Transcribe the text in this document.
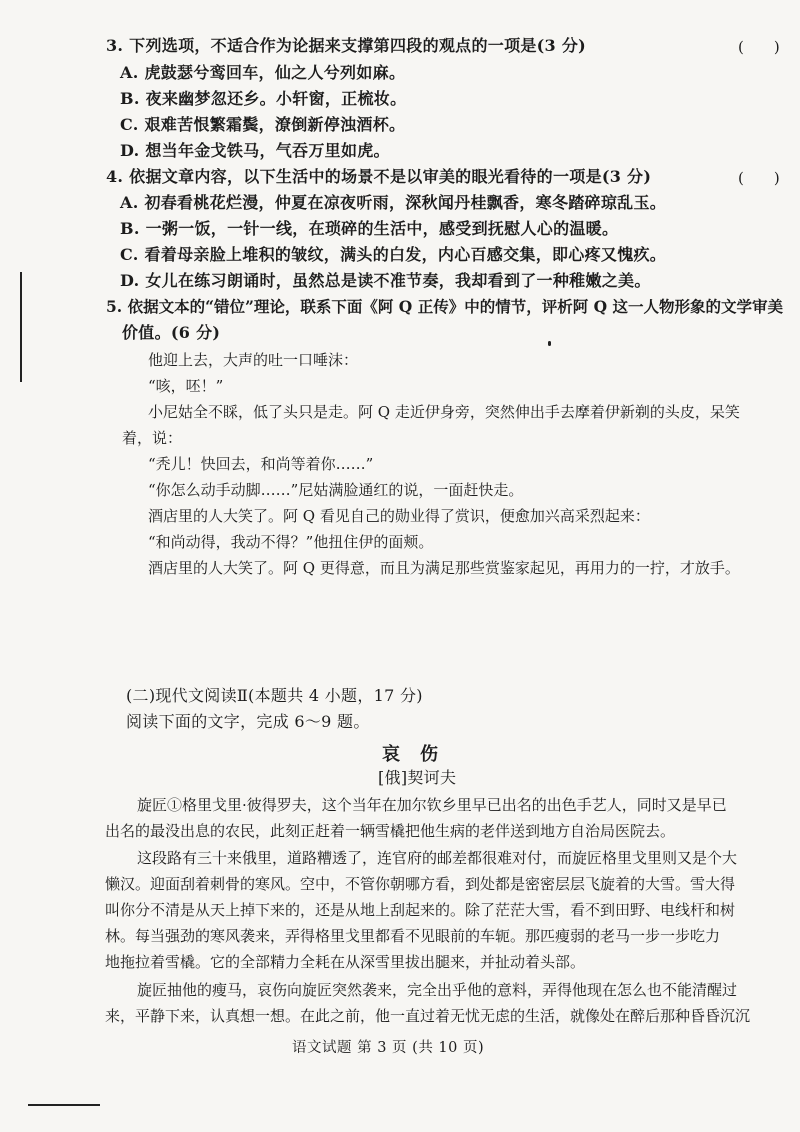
3. 下列选项，不适合作为论据来支撑第四段的观点的一项是(3 分)	(　　)
A. 虎鼓瑟兮鸾回车，仙之人兮列如麻。
B. 夜来幽梦忽还乡。小轩窗，正梳妆。
C. 艰难苦恨繁霜鬓，潦倒新停浊酒杯。
D. 想当年金戈铁马，气吞万里如虎。
4. 依据文章内容，以下生活中的场景不是以审美的眼光看待的一项是(3 分)	(　　)
A. 初春看桃花烂漫，仲夏在凉夜听雨，深秋闻丹桂飘香，寒冬踏碎琼乱玉。
B. 一粥一饭，一针一线，在琐碎的生活中，感受到抚慰人心的温暖。
C. 看着母亲脸上堆积的皱纹，满头的白发，内心百感交集，即心疼又愧疚。
D. 女儿在练习朗诵时，虽然总是读不准节奏，我却看到了一种稚嫩之美。
5. 依据文本的“错位”理论，联系下面《阿 Q 正传》中的情节，评析阿 Q 这一人物形象的文学审美
价值。(6 分)
他迎上去，大声的吐一口唾沫：
“咳，呸！”
小尼姑全不睬，低了头只是走。阿 Q 走近伊身旁，突然伸出手去摩着伊新剃的头皮，呆笑
着，说：
“秃儿！快回去，和尚等着你……”
“你怎么动手动脚……”尼姑满脸通红的说，一面赶快走。
酒店里的人大笑了。阿 Q 看见自己的勋业得了赏识，便愈加兴高采烈起来：
“和尚动得，我动不得？”他扭住伊的面颊。
酒店里的人大笑了。阿 Q 更得意，而且为满足那些赏鉴家起见，再用力的一拧，才放手。
(二)现代文阅读Ⅱ(本题共 4 小题，17 分)
阅读下面的文字，完成 6～9 题。
哀伤
[俄]契诃夫
旋匠①格里戈里·彼得罗夫，这个当年在加尔钦乡里早已出名的出色手艺人，同时又是早已
出名的最没出息的农民，此刻正赶着一辆雪橇把他生病的老伴送到地方自治局医院去。
这段路有三十来俄里，道路糟透了，连官府的邮差都很难对付，而旋匠格里戈里则又是个大
懒汉。迎面刮着刺骨的寒风。空中，不管你朝哪方看，到处都是密密层层飞旋着的大雪。雪大得
叫你分不清是从天上掉下来的，还是从地上刮起来的。除了茫茫大雪，看不到田野、电线杆和树
林。每当强劲的寒风袭来，弄得格里戈里都看不见眼前的车轭。那匹瘦弱的老马一步一步吃力
地拖拉着雪橇。它的全部精力全耗在从深雪里拔出腿来，并扯动着头部。
旋匠抽他的瘦马，哀伤向旋匠突然袭来，完全出乎他的意料，弄得他现在怎么也不能清醒过
来，平静下来，认真想一想。在此之前，他一直过着无忧无虑的生活，就像处在醉后那种昏昏沉沉
语文试题 第 3 页 (共 10 页)
